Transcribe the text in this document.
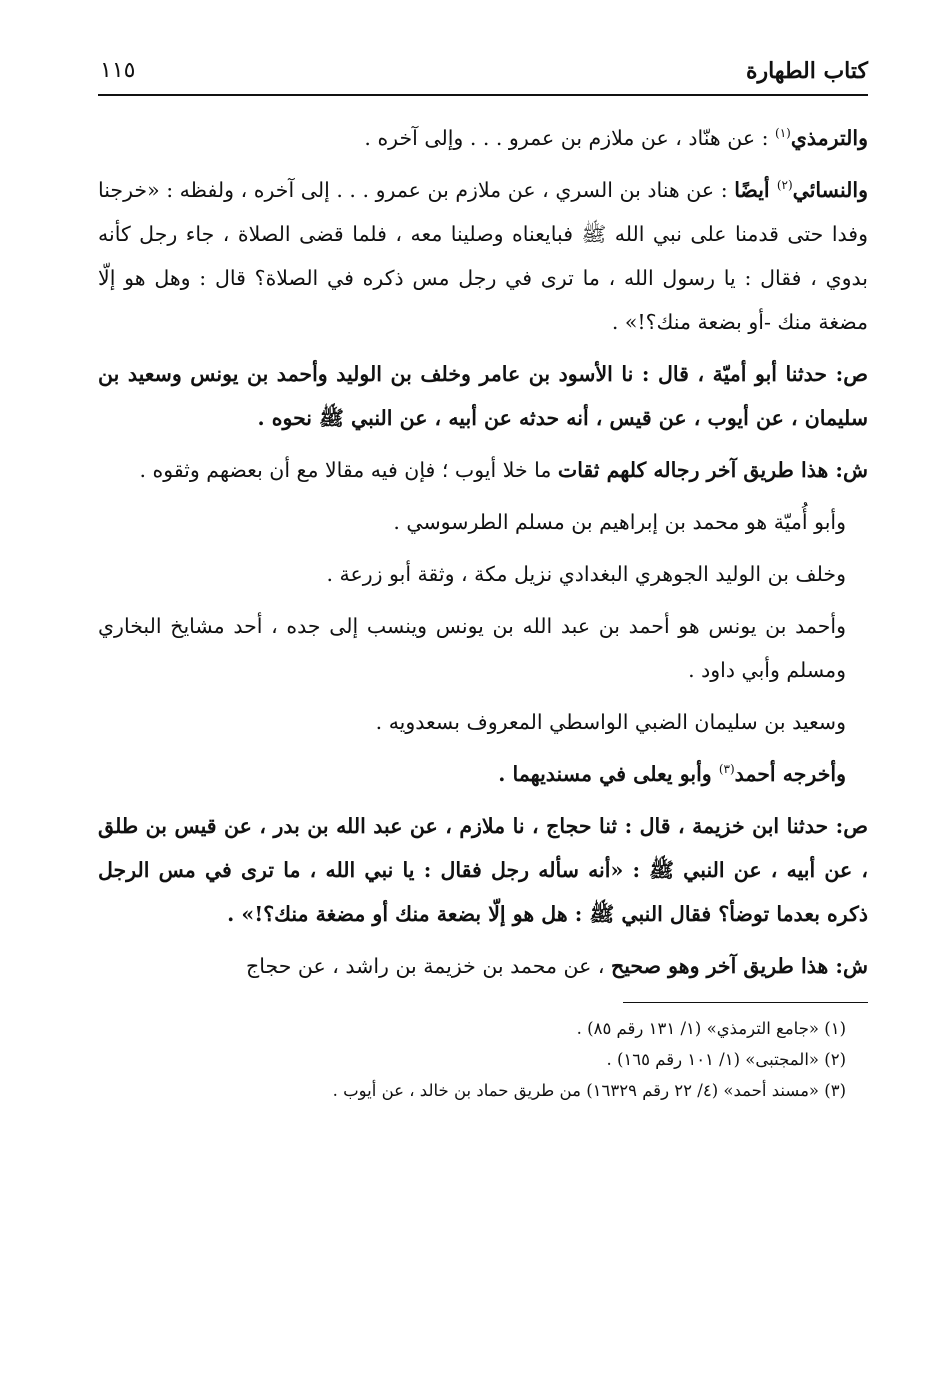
كتاب الطهارة
١١٥

والترمذي$^{(١)}$ : عن هنّاد ، عن ملازم بن عمرو . . . وإلى آخره .

والنسائي$^{(٢)}$ أيضًا : عن هناد بن السري ، عن ملازم بن عمرو . . . إلى آخره ، ولفظه : «خرجنا وفدا حتى قدمنا على نبي الله ﷺ فبايعناه وصلينا معه ، فلما قضى الصلاة ، جاء رجل كأنه بدوي ، فقال : يا رسول الله ، ما ترى في رجل مس ذكره في الصلاة؟ قال : وهل هو إلّا مضغة منك -أو بضعة منك؟!» .

ص: حدثنا أبو أميّة ، قال : نا الأسود بن عامر وخلف بن الوليد وأحمد بن يونس وسعيد بن سليمان ، عن أيوب ، عن قيس ، أنه حدثه عن أبيه ، عن النبي ﷺ نحوه .

ش: هذا طريق آخر رجاله كلهم ثقات ما خلا أيوب ؛ فإن فيه مقالا مع أن بعضهم وثقوه .

وأبو أُميّة هو محمد بن إبراهيم بن مسلم الطرسوسي .

وخلف بن الوليد الجوهري البغدادي نزيل مكة ، وثقة أبو زرعة .

وأحمد بن يونس هو أحمد بن عبد الله بن يونس وينسب إلى جده ، أحد مشايخ البخاري ومسلم وأبي داود .

وسعيد بن سليمان الضبي الواسطي المعروف بسعدويه .

وأخرجه أحمد$^{(٣)}$ وأبو يعلى في مسنديهما .

ص: حدثنا ابن خزيمة ، قال : ثنا حجاج ، نا ملازم ، عن عبد الله بن بدر ، عن قيس بن طلق ، عن أبيه ، عن النبي ﷺ : «أنه سأله رجل فقال : يا نبي الله ، ما ترى في مس الرجل ذكره بعدما توضأ؟ فقال النبي ﷺ : هل هو إلّا بضعة منك أو مضغة منك؟!» .

ش: هذا طريق آخر وهو صحيح ، عن محمد بن خزيمة بن راشد ، عن حجاج

(١) «جامع الترمذي» (١/ ١٣١ رقم ٨٥) .

(٢) «المجتبى» (١/ ١٠١ رقم ١٦٥) .

(٣) «مسند أحمد» (٤/ ٢٢ رقم ١٦٣٢٩) من طريق حماد بن خالد ، عن أيوب .
